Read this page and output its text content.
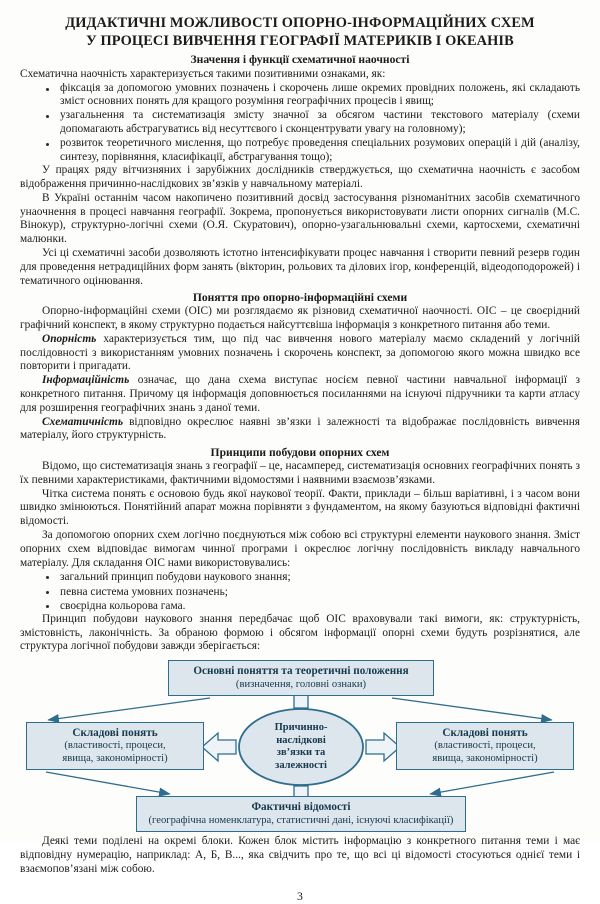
ДИДАКТИЧНІ МОЖЛИВОСТІ ОПОРНО-ІНФОРМАЦІЙНИХ СХЕМ
У ПРОЦЕСІ ВИВЧЕННЯ ГЕОГРАФІЇ МАТЕРИКІВ І ОКЕАНІВ
Значення і функції схематичної наочності

Схематична наочність характеризується такими позитивними ознаками, як:

фіксація за допомогою умовних позначень і скорочень лише окремих провідних положень, які складають зміст основних понять для кращого розуміння географічних процесів і явищ;
узагальнення та систематизація змісту значної за обсягом частини текстового матеріалу (схеми допомагають абстрагуватись від несуттєвого і сконцентрувати увагу на головному);
розвиток теоретичного мислення, що потребує проведення спеціальних розумових операцій і дій (аналізу, синтезу, порівняння, класифікації, абстрагування тощо);

У працях ряду вітчизняних і зарубіжних дослідників стверджується, що схематична наочність є засобом відображення причинно-наслідкових зв’язків у навчальному матеріалі.

В Україні останнім часом накопичено позитивний досвід застосування різноманітних засобів схематичного унаочнення в процесі навчання географії. Зокрема, пропонується використовувати листи опорних сигналів (М.С. Вінокур), структурно-логічні схеми (О.Я. Скуратович), опорно-узагальнювальні схеми, картосхеми, схематичні малюнки.

Усі ці схематичні засоби дозволяють істотно інтенсифікувати процес навчання і створити певний резерв годин для проведення нетрадиційних форм занять (вікторин, рольових та ділових ігор, конференцій, відеодоподорожей) і тематичного оцінювання.

Поняття про опорно-інформаційні схеми

Опорно-інформаційні схеми (ОІС) ми розглядаємо як різновид схематичної наочності. ОІС – це своєрідний графічний конспект, в якому структурно подається найсуттєвіша інформація з конкретного питання або теми.

Опорність характеризується тим, що під час вивчення нового матеріалу маємо складений у логічній послідовності з використанням умовних позначень і скорочень конспект, за допомогою якого можна швидко все повторити і пригадати.

Інформаційність означає, що дана схема виступає носієм певної частини навчальної інформації з конкретного питання. Причому ця інформація доповнюється посиланнями на існуючі підручники та карти атласу для розширення географічних знань з даної теми.

Схематичність відповідно окреслює наявні зв’язки і залежності та відображає послідовність вивчення матеріалу, його структурність.

Принципи побудови опорних схем

Відомо, що систематизація знань з географії – це, насамперед, систематизація основних географічних понять з їх певними характеристиками, фактичними відомостями і наявними взаємозв’язками.

Чітка система понять є основою будь якої наукової теорії. Факти, приклади – більш варіативні, і з часом вони швидко змінюються. Понятійний апарат можна порівняти з фундаментом, на якому базуються відповідні фактичні відомості.

За допомогою опорних схем логічно поєднуються між собою всі структурні елементи наукового знання. Зміст опорних схем відповідає вимогам чинної програми і окреслює логічну послідовність викладу навчального матеріалу. Для складання ОІС нами використовувались:

загальний принцип побудови наукового знання;
певна система умовних позначень;
своєрідна кольорова гама.

Принцип побудови наукового знання передбачає щоб ОІС враховували такі вимоги, як: структурність, змістовність, лаконічність. За обраною формою і обсягом інформації опорні схеми будуть розрізнятися, але структура логічної побудови завжди зберігається:

Основні поняття та теоретичні положення
(визначення, головні ознаки)
Складові понять
(властивості, процеси,
явища, закономірності)
Складові понять
(властивості, процеси,
явища, закономірності)
Фактичні відомості
(географічна номенклатура, статистичні дані, існуючі класифікації)
Причинно-
наслідкові
зв’язки та
залежності

Деякі теми поділені на окремі блоки. Кожен блок містить інформацію з конкретного питання теми і має відповідну нумерацію, наприклад: А, Б, В..., яка свідчить про те, що всі ці відомості стосуються однієї теми і взаємопов’язані між собою.

3
